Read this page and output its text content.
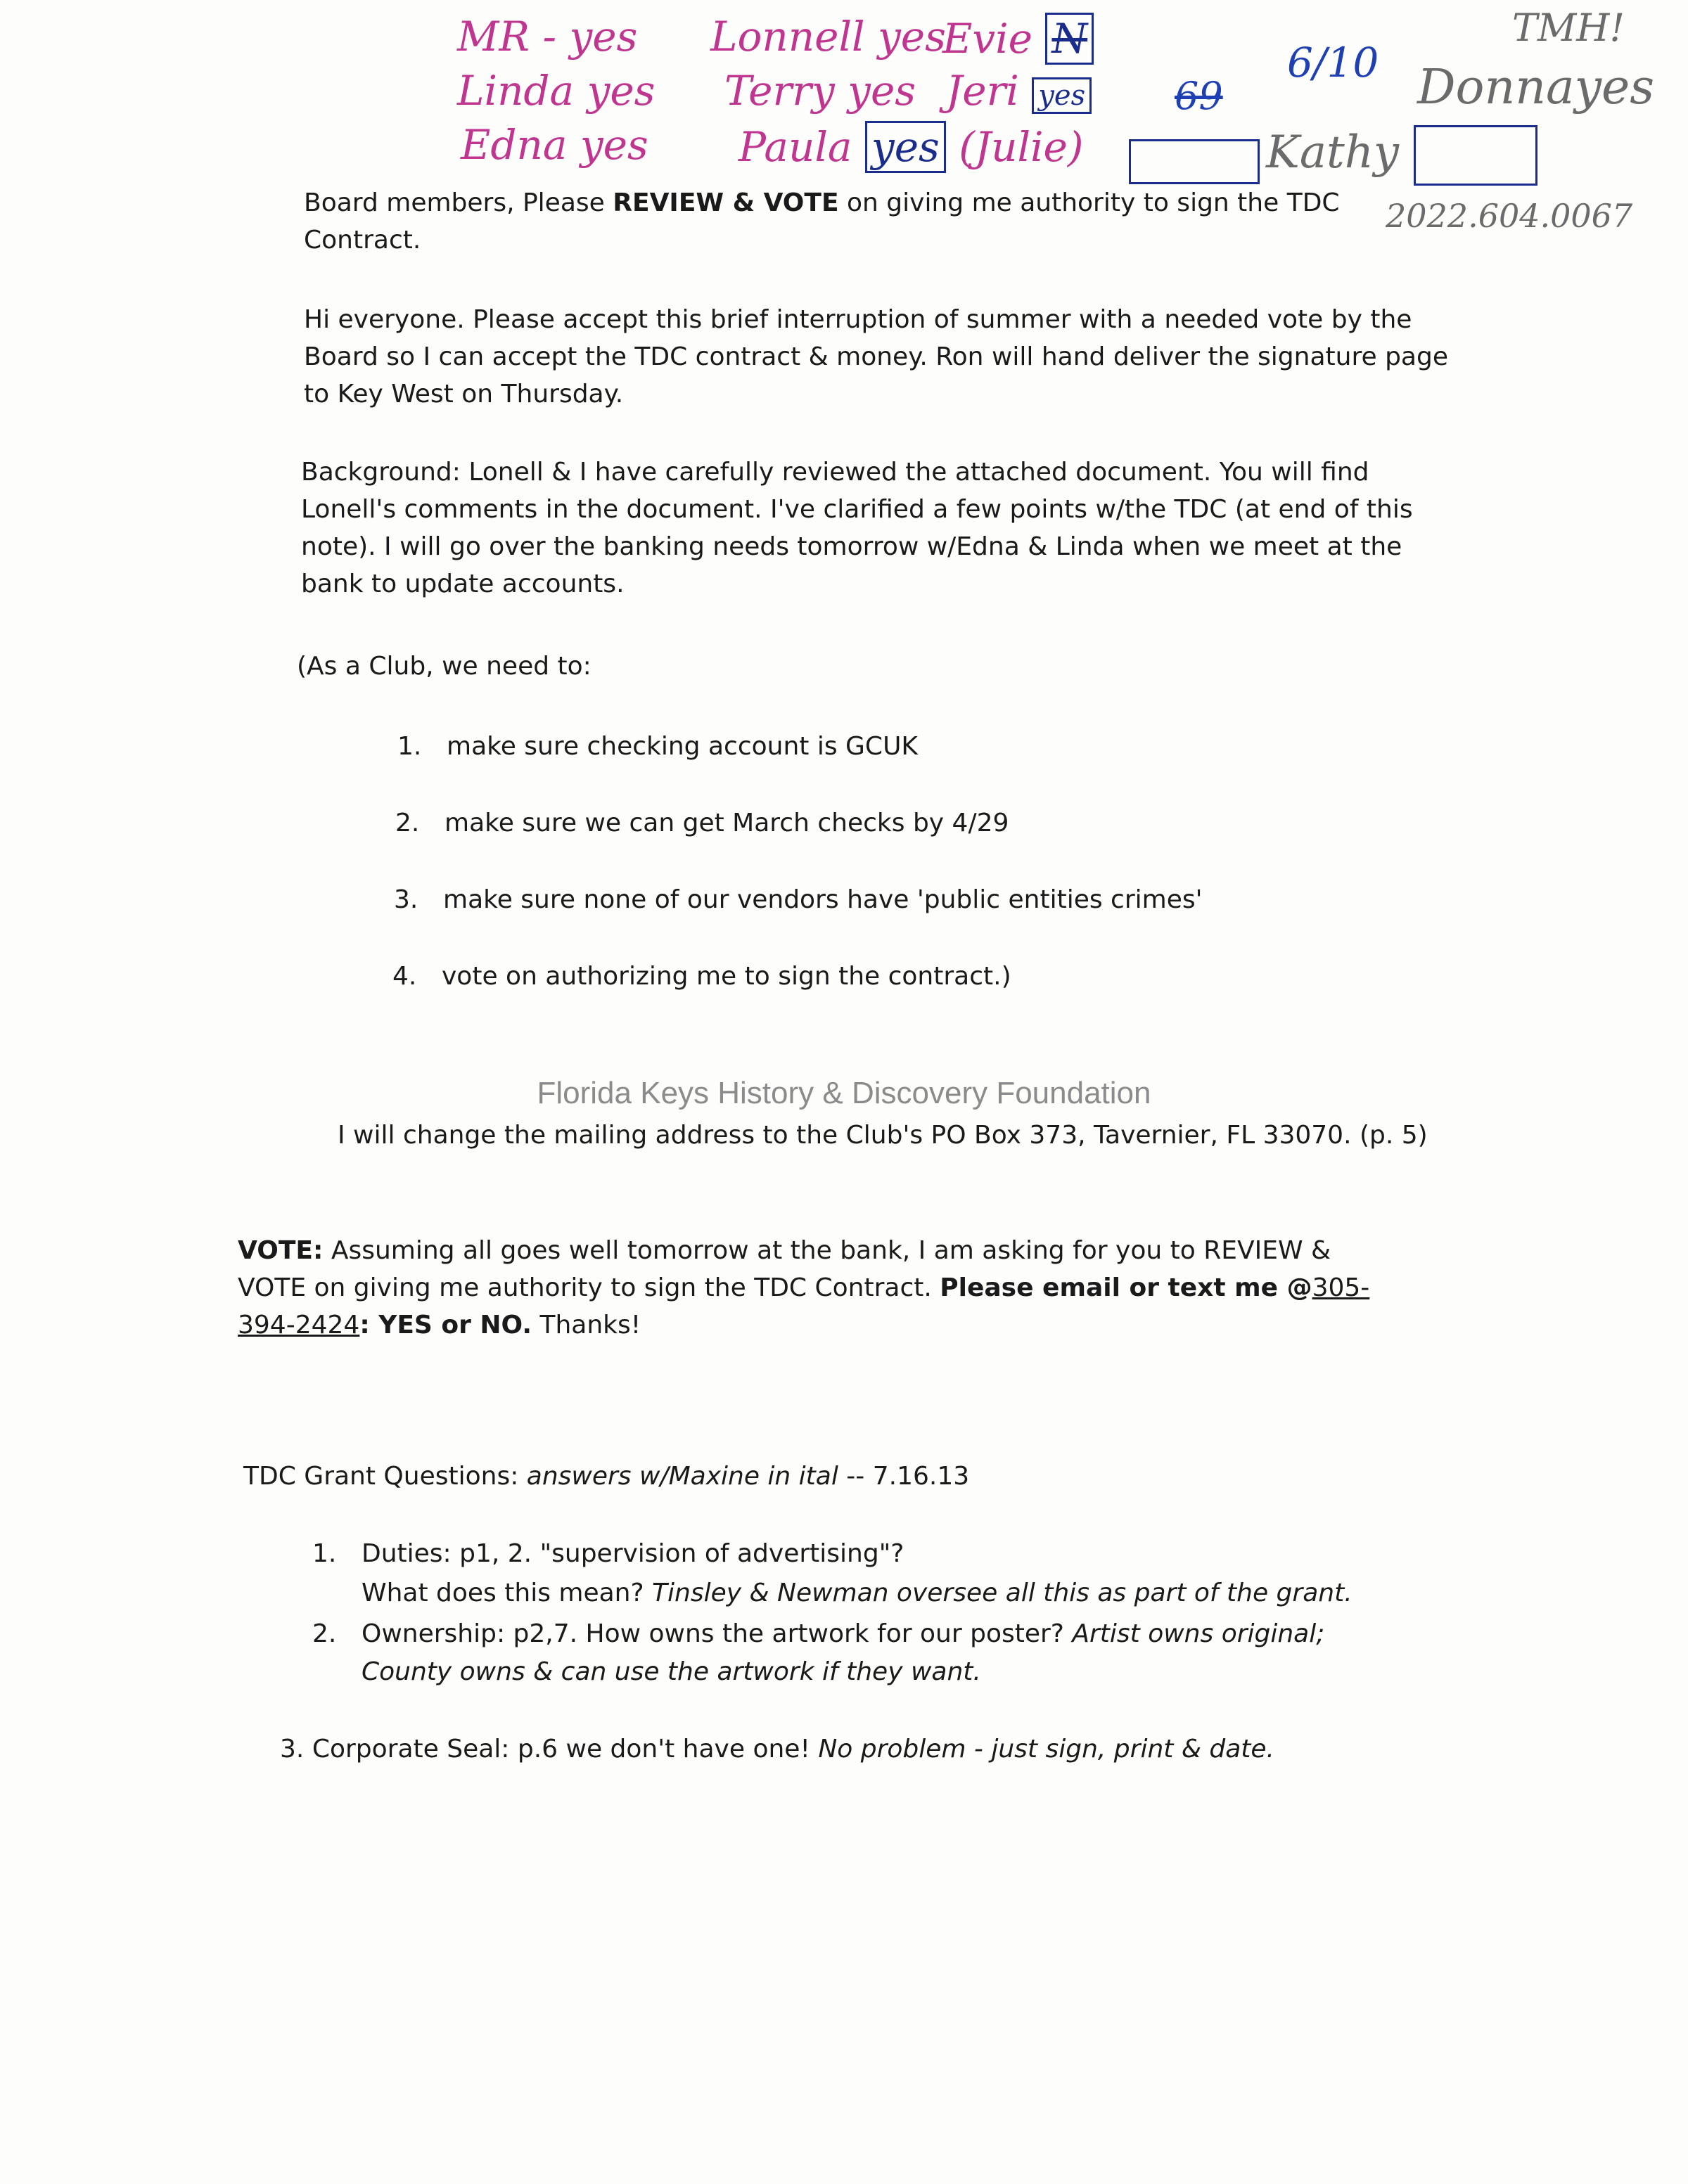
MR - yes Lonnell yes
Evie N
Linda yes Terry yes Jeri yes
Edna yes Paula yes (Julie)
69
6/10
TMH!
Donnayes
Kathy
2022.604.0067
Board members, Please REVIEW & VOTE on giving me authority to sign the TDC Contract.
Hi everyone. Please accept this brief interruption of summer with a needed vote by the Board so I can accept the TDC contract & money. Ron will hand deliver the signature page to Key West on Thursday.
Background: Lonell & I have carefully reviewed the attached document. You will find Lonell's comments in the document. I've clarified a few points w/the TDC (at end of this note). I will go over the banking needs tomorrow w/Edna & Linda when we meet at the bank to update accounts.
(As a Club, we need to:
1. make sure checking account is GCUK
2. make sure we can get March checks by 4/29
3. make sure none of our vendors have 'public entities crimes'
4. vote on authorizing me to sign the contract.)
Florida Keys History & Discovery Foundation
I will change the mailing address to the Club's PO Box 373, Tavernier, FL 33070. (p. 5)
VOTE: Assuming all goes well tomorrow at the bank, I am asking for you to REVIEW & VOTE on giving me authority to sign the TDC Contract. Please email or text me @305-394-2424: YES or NO. Thanks!
TDC Grant Questions: answers w/Maxine in ital -- 7.16.13
1. Duties: p1, 2. "supervision of advertising"?
What does this mean? Tinsley & Newman oversee all this as part of the grant.
2. Ownership: p2,7. How owns the artwork for our poster? Artist owns original;
County owns & can use the artwork if they want.
3. Corporate Seal: p.6 we don't have one! No problem - just sign, print & date.
